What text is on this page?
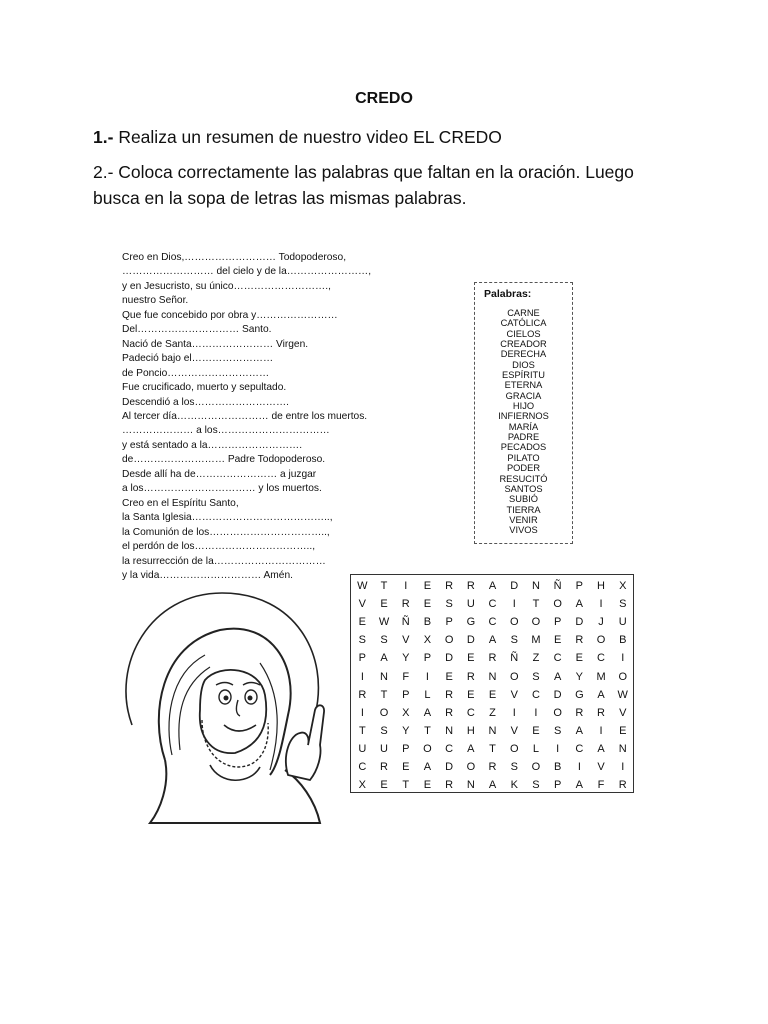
CREDO
1.- Realiza un resumen de nuestro video EL CREDO
2.- Coloca correctamente las palabras que faltan en la oración. Luego
busca en la sopa de letras las mismas palabras.
Creo en Dios,……………………… Todopoderoso,
……………………… del cielo y de la……………………,
y en Jesucristo, su único……………………….,
nuestro Señor.
Que fue concebido por obra y……………………
Del………………………… Santo.
Nació de Santa…………………… Virgen.
Padeció bajo el……………………
de Poncio…………………………
Fue crucificado, muerto y sepultado.
Descendió a los……………………….
Al tercer día……………………… de entre los muertos.
………………… a los……………………………
y está sentado a la……………………….
de……………………… Padre Todopoderoso.
Desde allí ha de…………………… a juzgar
a los…………………………… y los muertos.
Creo en el Espíritu Santo,
la Santa Iglesia…………………………………..,
la Comunión de los……………………………..,
el perdón de los……………………………..,
la resurrección de la……………………………
y la vida………………………… Amén.
Palabras:
CARNE
CATÓLICA
CIELOS
CREADOR
DERECHA
DIOS
ESPÍRITU
ETERNA
GRACIA
HIJO
INFIERNOS
MARÍA
PADRE
PECADOS
PILATO
PODER
RESUCITÓ
SANTOS
SUBIÓ
TIERRA
VENIR
VIVOS
W	T	I	E	R	R	A	D	N	Ñ	P	H	X
V	E	R	E	S	U	C	I	T	O	A	I	S
E	W	Ñ	B	P	G	C	O	O	P	D	J	U
S	S	V	X	O	D	A	S	M	E	R	O	B
P	A	Y	P	D	E	R	Ñ	Z	C	E	C	I
I	N	F	I	E	R	N	O	S	A	Y	M	O
R	T	P	L	R	E	E	V	C	D	G	A	W
I	O	X	A	R	C	Z	I	I	O	R	R	V
T	S	Y	T	N	H	N	V	E	S	A	I	E
U	U	P	O	C	A	T	O	L	I	C	A	N
C	R	E	A	D	O	R	S	O	B	I	V	I
X	E	T	E	R	N	A	K	S	P	A	F	R
